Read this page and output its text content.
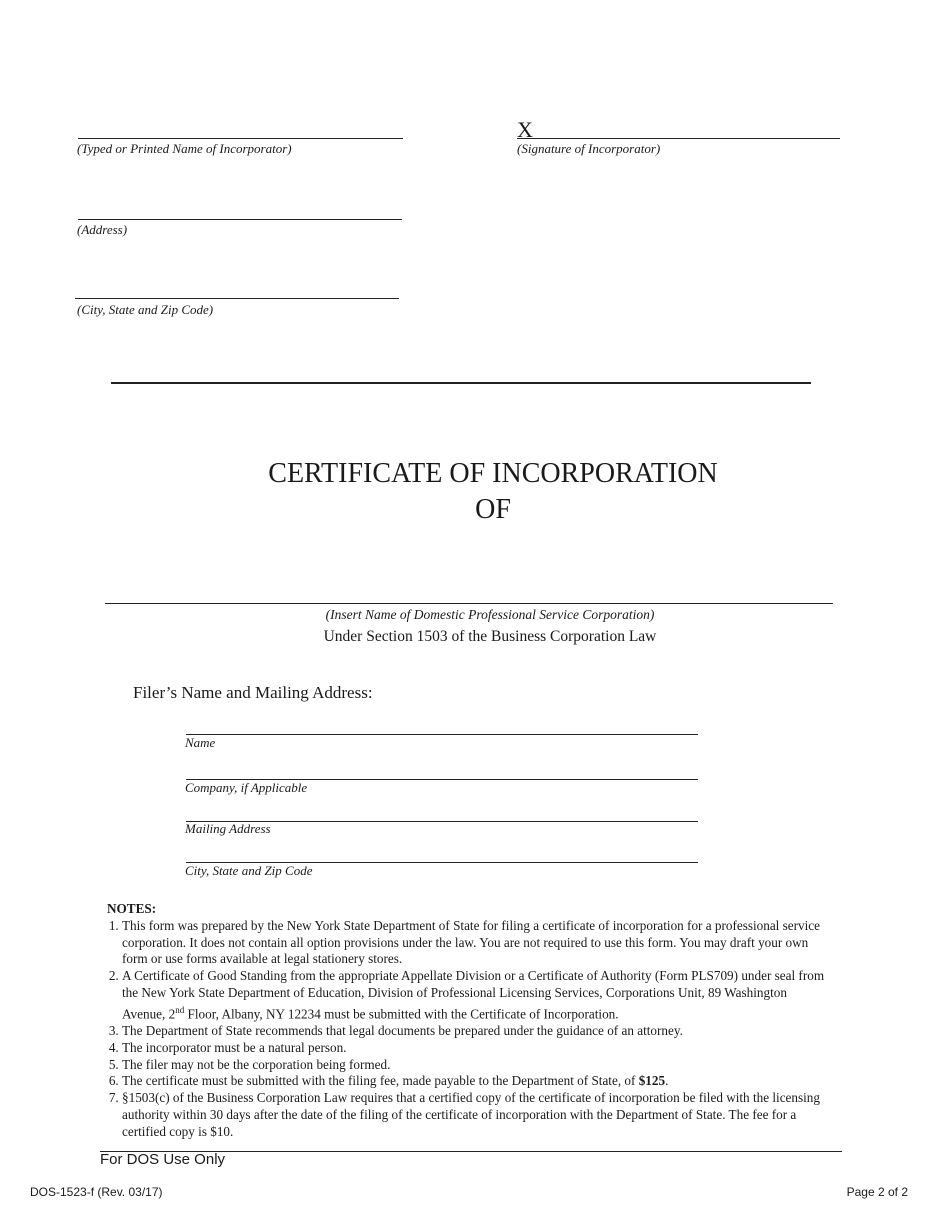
(Typed or Printed Name of Incorporator)
X
(Signature of Incorporator)
(Address)
(City, State and Zip Code)
CERTIFICATE OF INCORPORATION
OF
(Insert Name of Domestic Professional Service Corporation)
Under Section 1503 of the Business Corporation Law
Filer’s Name and Mailing Address:
Name
Company, if Applicable
Mailing Address
City, State and Zip Code
NOTES:
1. This form was prepared by the New York State Department of State for filing a certificate of incorporation for a professional service corporation. It does not contain all option provisions under the law. You are not required to use this form. You may draft your own form or use forms available at legal stationery stores.
2. A Certificate of Good Standing from the appropriate Appellate Division or a Certificate of Authority (Form PLS709) under seal from the New York State Department of Education, Division of Professional Licensing Services, Corporations Unit, 89 Washington Avenue, 2nd Floor, Albany, NY 12234 must be submitted with the Certificate of Incorporation.
3. The Department of State recommends that legal documents be prepared under the guidance of an attorney.
4. The incorporator must be a natural person.
5. The filer may not be the corporation being formed.
6. The certificate must be submitted with the filing fee, made payable to the Department of State, of $125.
7. §1503(c) of the Business Corporation Law requires that a certified copy of the certificate of incorporation be filed with the licensing authority within 30 days after the date of the filing of the certificate of incorporation with the Department of State. The fee for a certified copy is $10.
For DOS Use Only
DOS-1523-f (Rev. 03/17)	Page 2 of 2
